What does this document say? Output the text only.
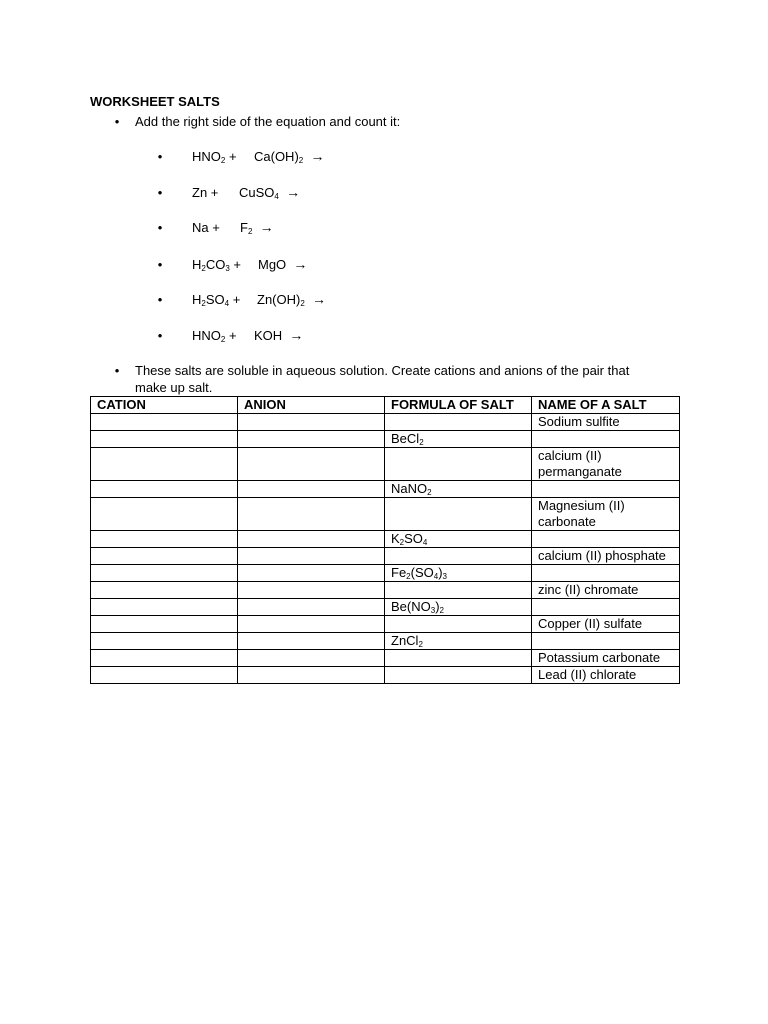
WORKSHEET SALTS
• Add the right side of the equation and count it:
• $HNO_2 + Ca(OH)_2$ →
• Zn + CuSO$_4$ →
• $Na + F_2$ →
• $H_2CO_3$ + MgO  →
• $H_2SO_4 + Zn(OH)_2$ →
• $HNO_2$ + KOH  →
• These salts are soluble in aqueous solution. Create cations and anions of the pair that
make up salt.
CATION	ANION	FORMULA OF SALT	NAME OF A SALT
			Sodium sulfite
		BeCl$_2$	
			calcium (II) permanganate
		NaNO$_2$	
			Magnesium (II) carbonate
		$K_2SO_4$	
			calcium (II) phosphate
		$Fe_2(SO_4)_3$	
			zinc (II) chromate
		$Be(NO_3)_2$	
			Copper (II) sulfate
		ZnCl$_2$	
			Potassium carbonate
			Lead (II) chlorate
